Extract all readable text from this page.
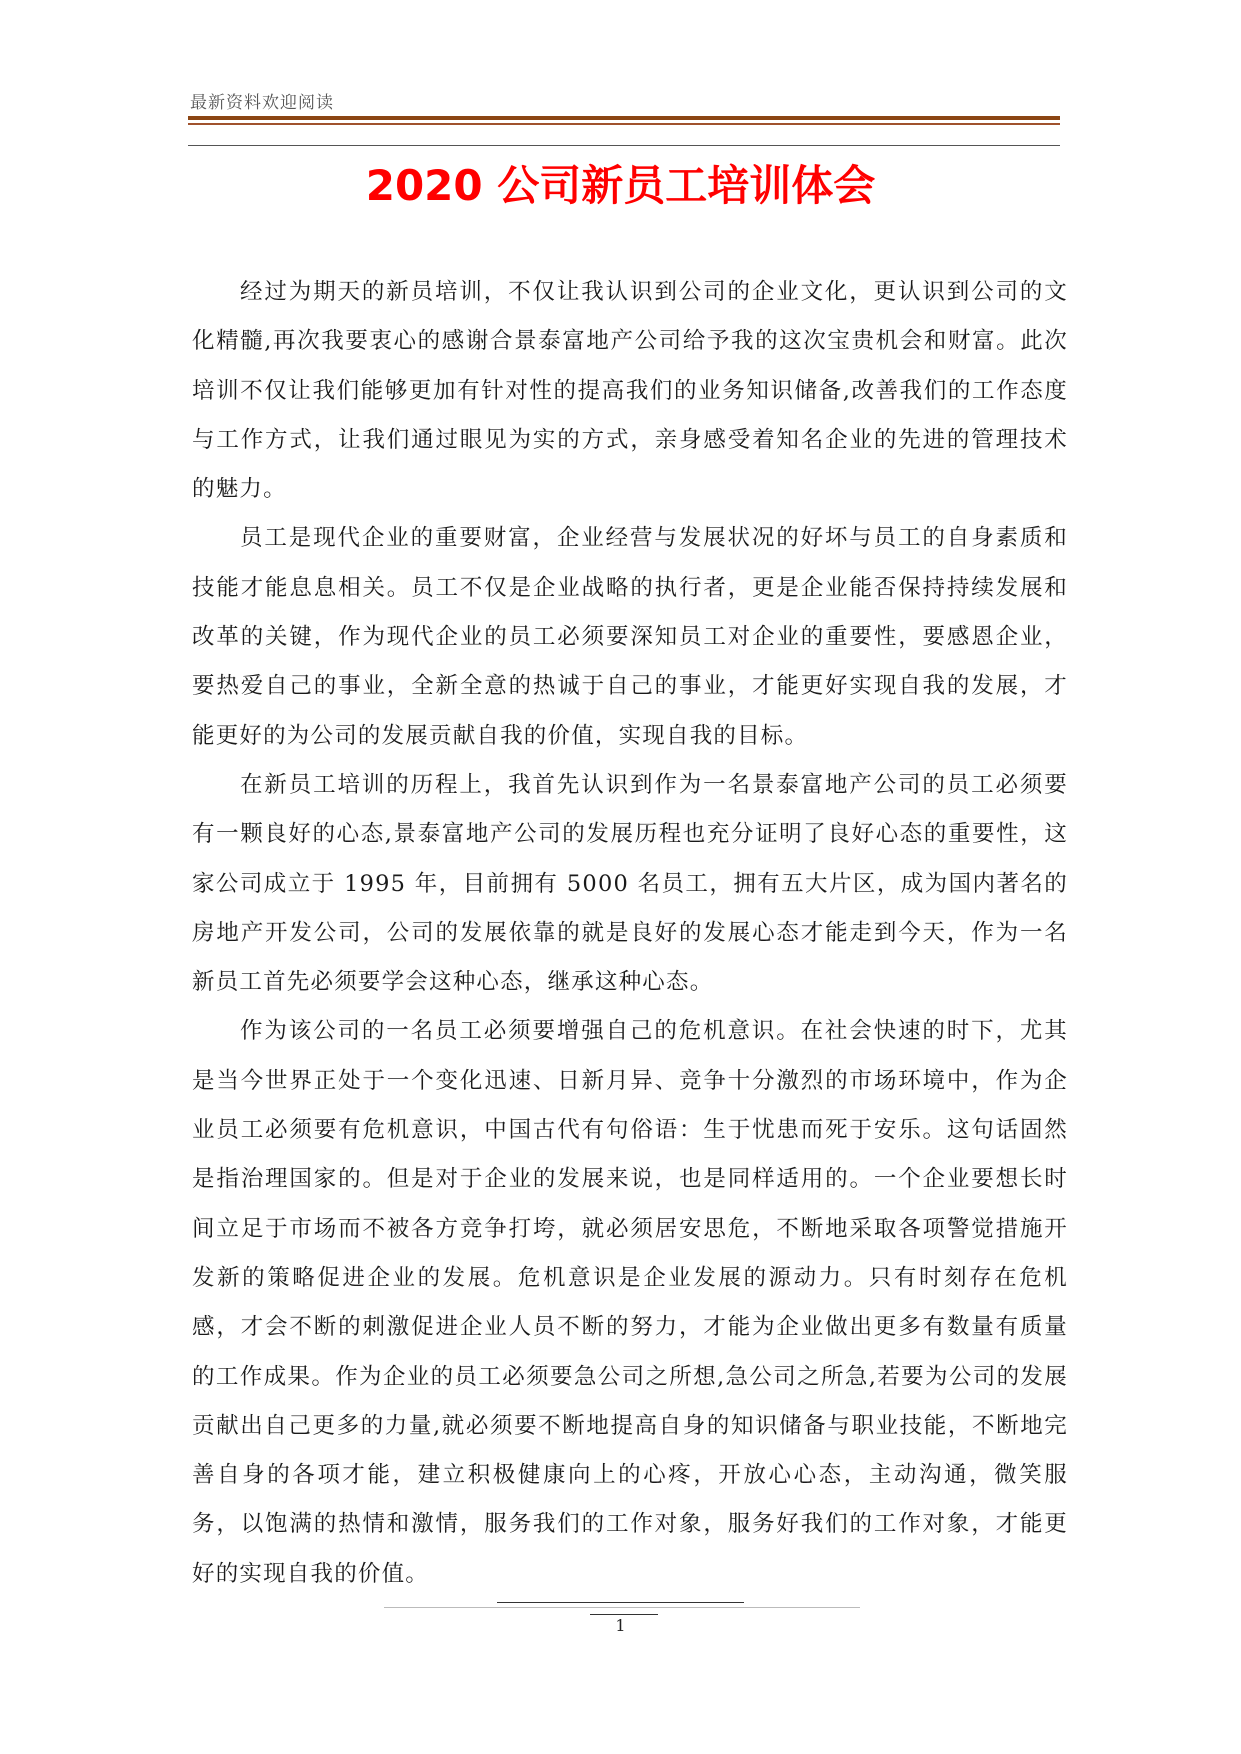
最新资料欢迎阅读
2020 公司新员工培训体会

经过为期天的新员培训，不仅让我认识到公司的企业文化，更认识到公司的文化精髓,再次我要衷心的感谢合景泰富地产公司给予我的这次宝贵机会和财富。此次培训不仅让我们能够更加有针对性的提高我们的业务知识储备,改善我们的工作态度与工作方式，让我们通过眼见为实的方式，亲身感受着知名企业的先进的管理技术的魅力。

员工是现代企业的重要财富，企业经营与发展状况的好坏与员工的自身素质和技能才能息息相关。员工不仅是企业战略的执行者，更是企业能否保持持续发展和改革的关键，作为现代企业的员工必须要深知员工对企业的重要性，要感恩企业，要热爱自己的事业，全新全意的热诚于自己的事业，才能更好实现自我的发展，才能更好的为公司的发展贡献自我的价值，实现自我的目标。

在新员工培训的历程上，我首先认识到作为一名景泰富地产公司的员工必须要有一颗良好的心态,景泰富地产公司的发展历程也充分证明了良好心态的重要性，这家公司成立于 1995 年，目前拥有 5000 名员工，拥有五大片区，成为国内著名的房地产开发公司，公司的发展依靠的就是良好的发展心态才能走到今天，作为一名新员工首先必须要学会这种心态，继承这种心态。

作为该公司的一名员工必须要增强自己的危机意识。在社会快速的时下，尤其是当今世界正处于一个变化迅速、日新月异、竞争十分激烈的市场环境中，作为企业员工必须要有危机意识，中国古代有句俗语：生于忧患而死于安乐。这句话固然是指治理国家的。但是对于企业的发展来说，也是同样适用的。一个企业要想长时间立足于市场而不被各方竞争打垮，就必须居安思危，不断地采取各项警觉措施开发新的策略促进企业的发展。危机意识是企业发展的源动力。只有时刻存在危机感，才会不断的刺激促进企业人员不断的努力，才能为企业做出更多有数量有质量的工作成果。作为企业的员工必须要急公司之所想,急公司之所急,若要为公司的发展贡献出自己更多的力量,就必须要不断地提高自身的知识储备与职业技能，不断地完善自身的各项才能，建立积极健康向上的心疼，开放心心态，主动沟通，微笑服务，以饱满的热情和激情，服务我们的工作对象，服务好我们的工作对象，才能更好的实现自我的价值。

1
